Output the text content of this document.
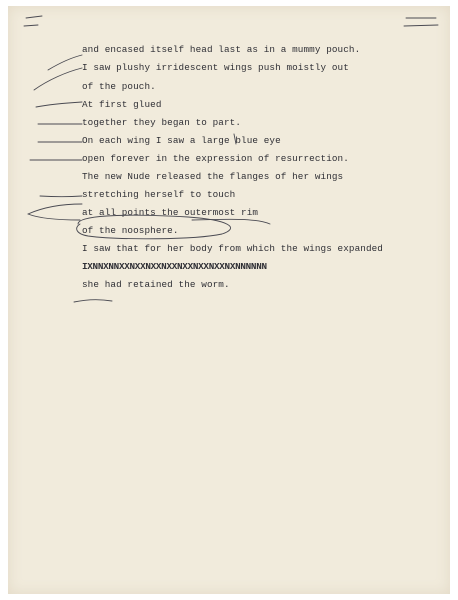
and encased itself head last as in a mummy pouch.
I saw plushy irridescent wings push moistly out
of the pouch.
At first glued
together they began to part.
On each wing I saw a large blue eye
open forever in the expression of resurrection.
The new Nude released the flanges of her wings
stretching herself to touch
at all points the outermost rim
of the noosphere.
I saw that for her body from which the wings expanded
IXNNXNNXXNXXNXXNXXNXXNXXNXXNXNNNNNN
she had retained the worm.
